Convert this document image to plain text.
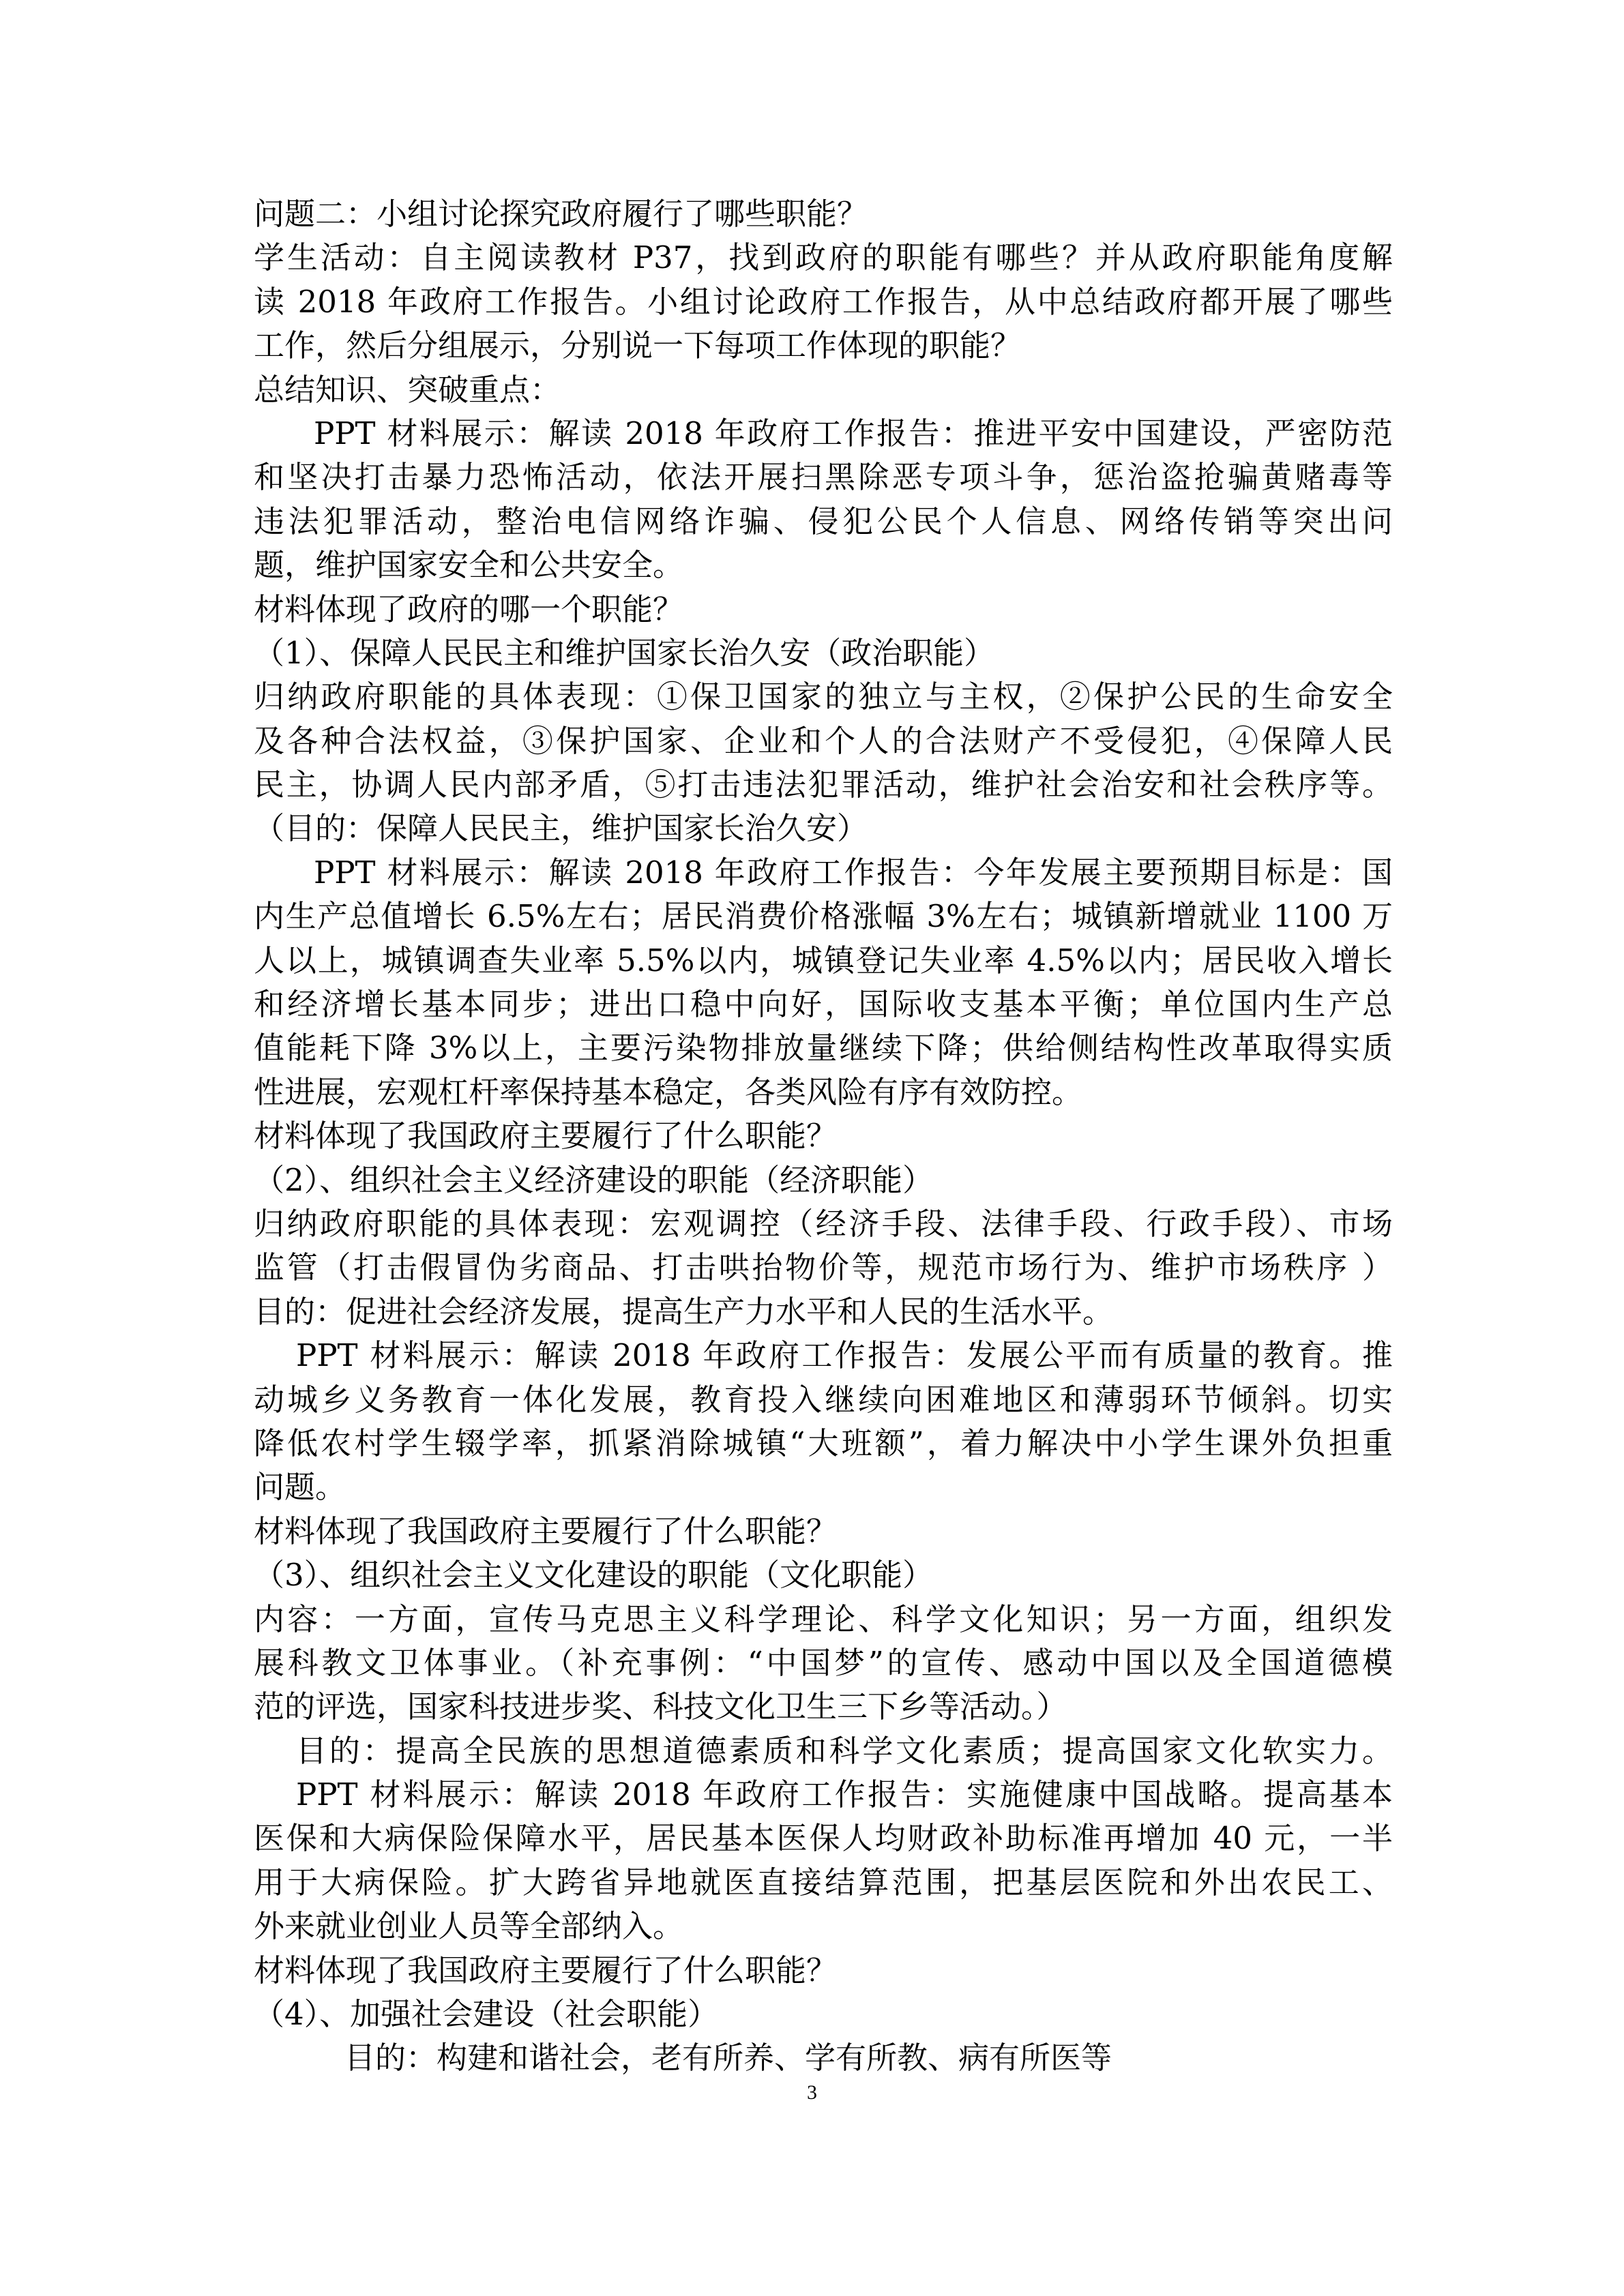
问题二：小组讨论探究政府履行了哪些职能？
学生活动：自主阅读教材 P37，找到政府的职能有哪些？并从政府职能角度解
读 2018 年政府工作报告。小组讨论政府工作报告，从中总结政府都开展了哪些
工作，然后分组展示，分别说一下每项工作体现的职能？
总结知识、突破重点：
PPT 材料展示：解读 2018 年政府工作报告：推进平安中国建设，严密防范
和坚决打击暴力恐怖活动，依法开展扫黑除恶专项斗争，惩治盗抢骗黄赌毒等
违法犯罪活动，整治电信网络诈骗、侵犯公民个人信息、网络传销等突出问
题，维护国家安全和公共安全。
材料体现了政府的哪一个职能？
（1）、保障人民民主和维护国家长治久安（政治职能）
归纳政府职能的具体表现：①保卫国家的独立与主权，②保护公民的生命安全
及各种合法权益，③保护国家、企业和个人的合法财产不受侵犯，④保障人民
民主，协调人民内部矛盾，⑤打击违法犯罪活动，维护社会治安和社会秩序等。
（目的：保障人民民主，维护国家长治久安）
PPT 材料展示：解读 2018 年政府工作报告：今年发展主要预期目标是：国
内生产总值增长 6.5%左右；居民消费价格涨幅 3%左右；城镇新增就业 1100 万
人以上，城镇调查失业率 5.5%以内，城镇登记失业率 4.5%以内；居民收入增长
和经济增长基本同步；进出口稳中向好，国际收支基本平衡；单位国内生产总
值能耗下降 3%以上，主要污染物排放量继续下降；供给侧结构性改革取得实质
性进展，宏观杠杆率保持基本稳定，各类风险有序有效防控。
材料体现了我国政府主要履行了什么职能？
（2）、组织社会主义经济建设的职能（经济职能）
归纳政府职能的具体表现：宏观调控（经济手段、法律手段、行政手段）、市场
监管（打击假冒伪劣商品、打击哄抬物价等，规范市场行为、维护市场秩序 ）
目的：促进社会经济发展，提高生产力水平和人民的生活水平。
PPT 材料展示：解读 2018 年政府工作报告：发展公平而有质量的教育。推
动城乡义务教育一体化发展，教育投入继续向困难地区和薄弱环节倾斜。切实
降低农村学生辍学率，抓紧消除城镇“大班额”，着力解决中小学生课外负担重
问题。
材料体现了我国政府主要履行了什么职能？
（3）、组织社会主义文化建设的职能（文化职能）
内容：一方面，宣传马克思主义科学理论、科学文化知识；另一方面，组织发
展科教文卫体事业。（补充事例：“中国梦”的宣传、感动中国以及全国道德模
范的评选，国家科技进步奖、科技文化卫生三下乡等活动。）
目的：提高全民族的思想道德素质和科学文化素质；提高国家文化软实力。
PPT 材料展示：解读 2018 年政府工作报告：实施健康中国战略。提高基本
医保和大病保险保障水平，居民基本医保人均财政补助标准再增加 40 元，一半
用于大病保险。扩大跨省异地就医直接结算范围，把基层医院和外出农民工、
外来就业创业人员等全部纳入。
材料体现了我国政府主要履行了什么职能？
（4）、加强社会建设（社会职能）
目的：构建和谐社会，老有所养、学有所教、病有所医等
3
